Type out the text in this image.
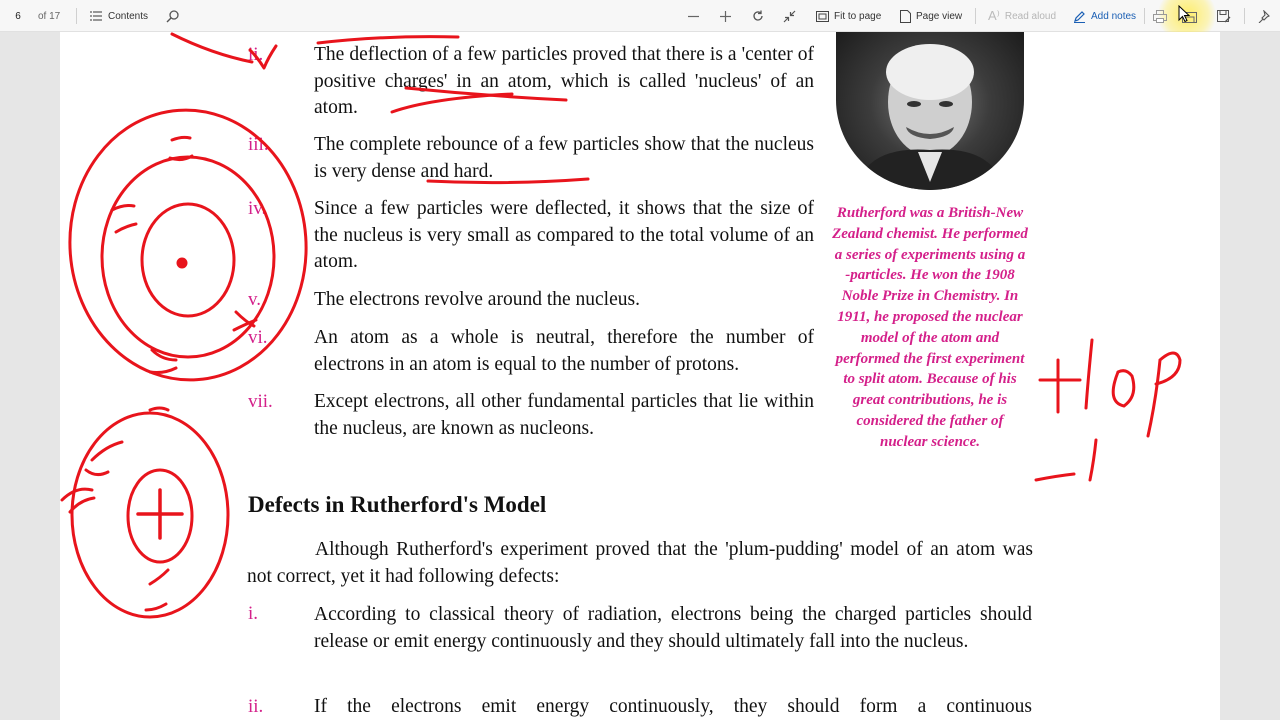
6	of 17	Contents	Fit to page	Page view A⁾ Read aloud	Add notes
ii.	The deflection of a few particles proved that there is a 'center of positive charges' in an atom, which is called 'nucleus' of an atom.
iii. The complete rebounce of a few particles show that the nucleus is very dense and hard.
iv. Since a few particles were deflected, it shows that the size of the nucleus is very small as compared to the total volume of an atom.
v.	The electrons revolve around the nucleus.
vi. An atom as a whole is neutral, therefore the number of electrons in an atom is equal to the number of protons.
vii. Except electrons, all other fundamental particles that lie within the nucleus, are known as nucleons.
Rutherford was a British-New Zealand chemist. He performed a series of experiments using a -particles. He won the 1908 Noble Prize in Chemistry. In 1911, he proposed the nuclear model of the atom and performed the first experiment to split atom. Because of his great contributions, he is considered the father of nuclear science.
Defects in Rutherford's Model
Although Rutherford's experiment proved that the 'plum-pudding' model of an atom was not correct, yet it had following defects:
i.	According to classical theory of radiation, electrons being the charged particles should release or emit energy continuously and they should ultimately fall into the nucleus.
ii.	If the electrons emit energy continuously, they should form a continuous
